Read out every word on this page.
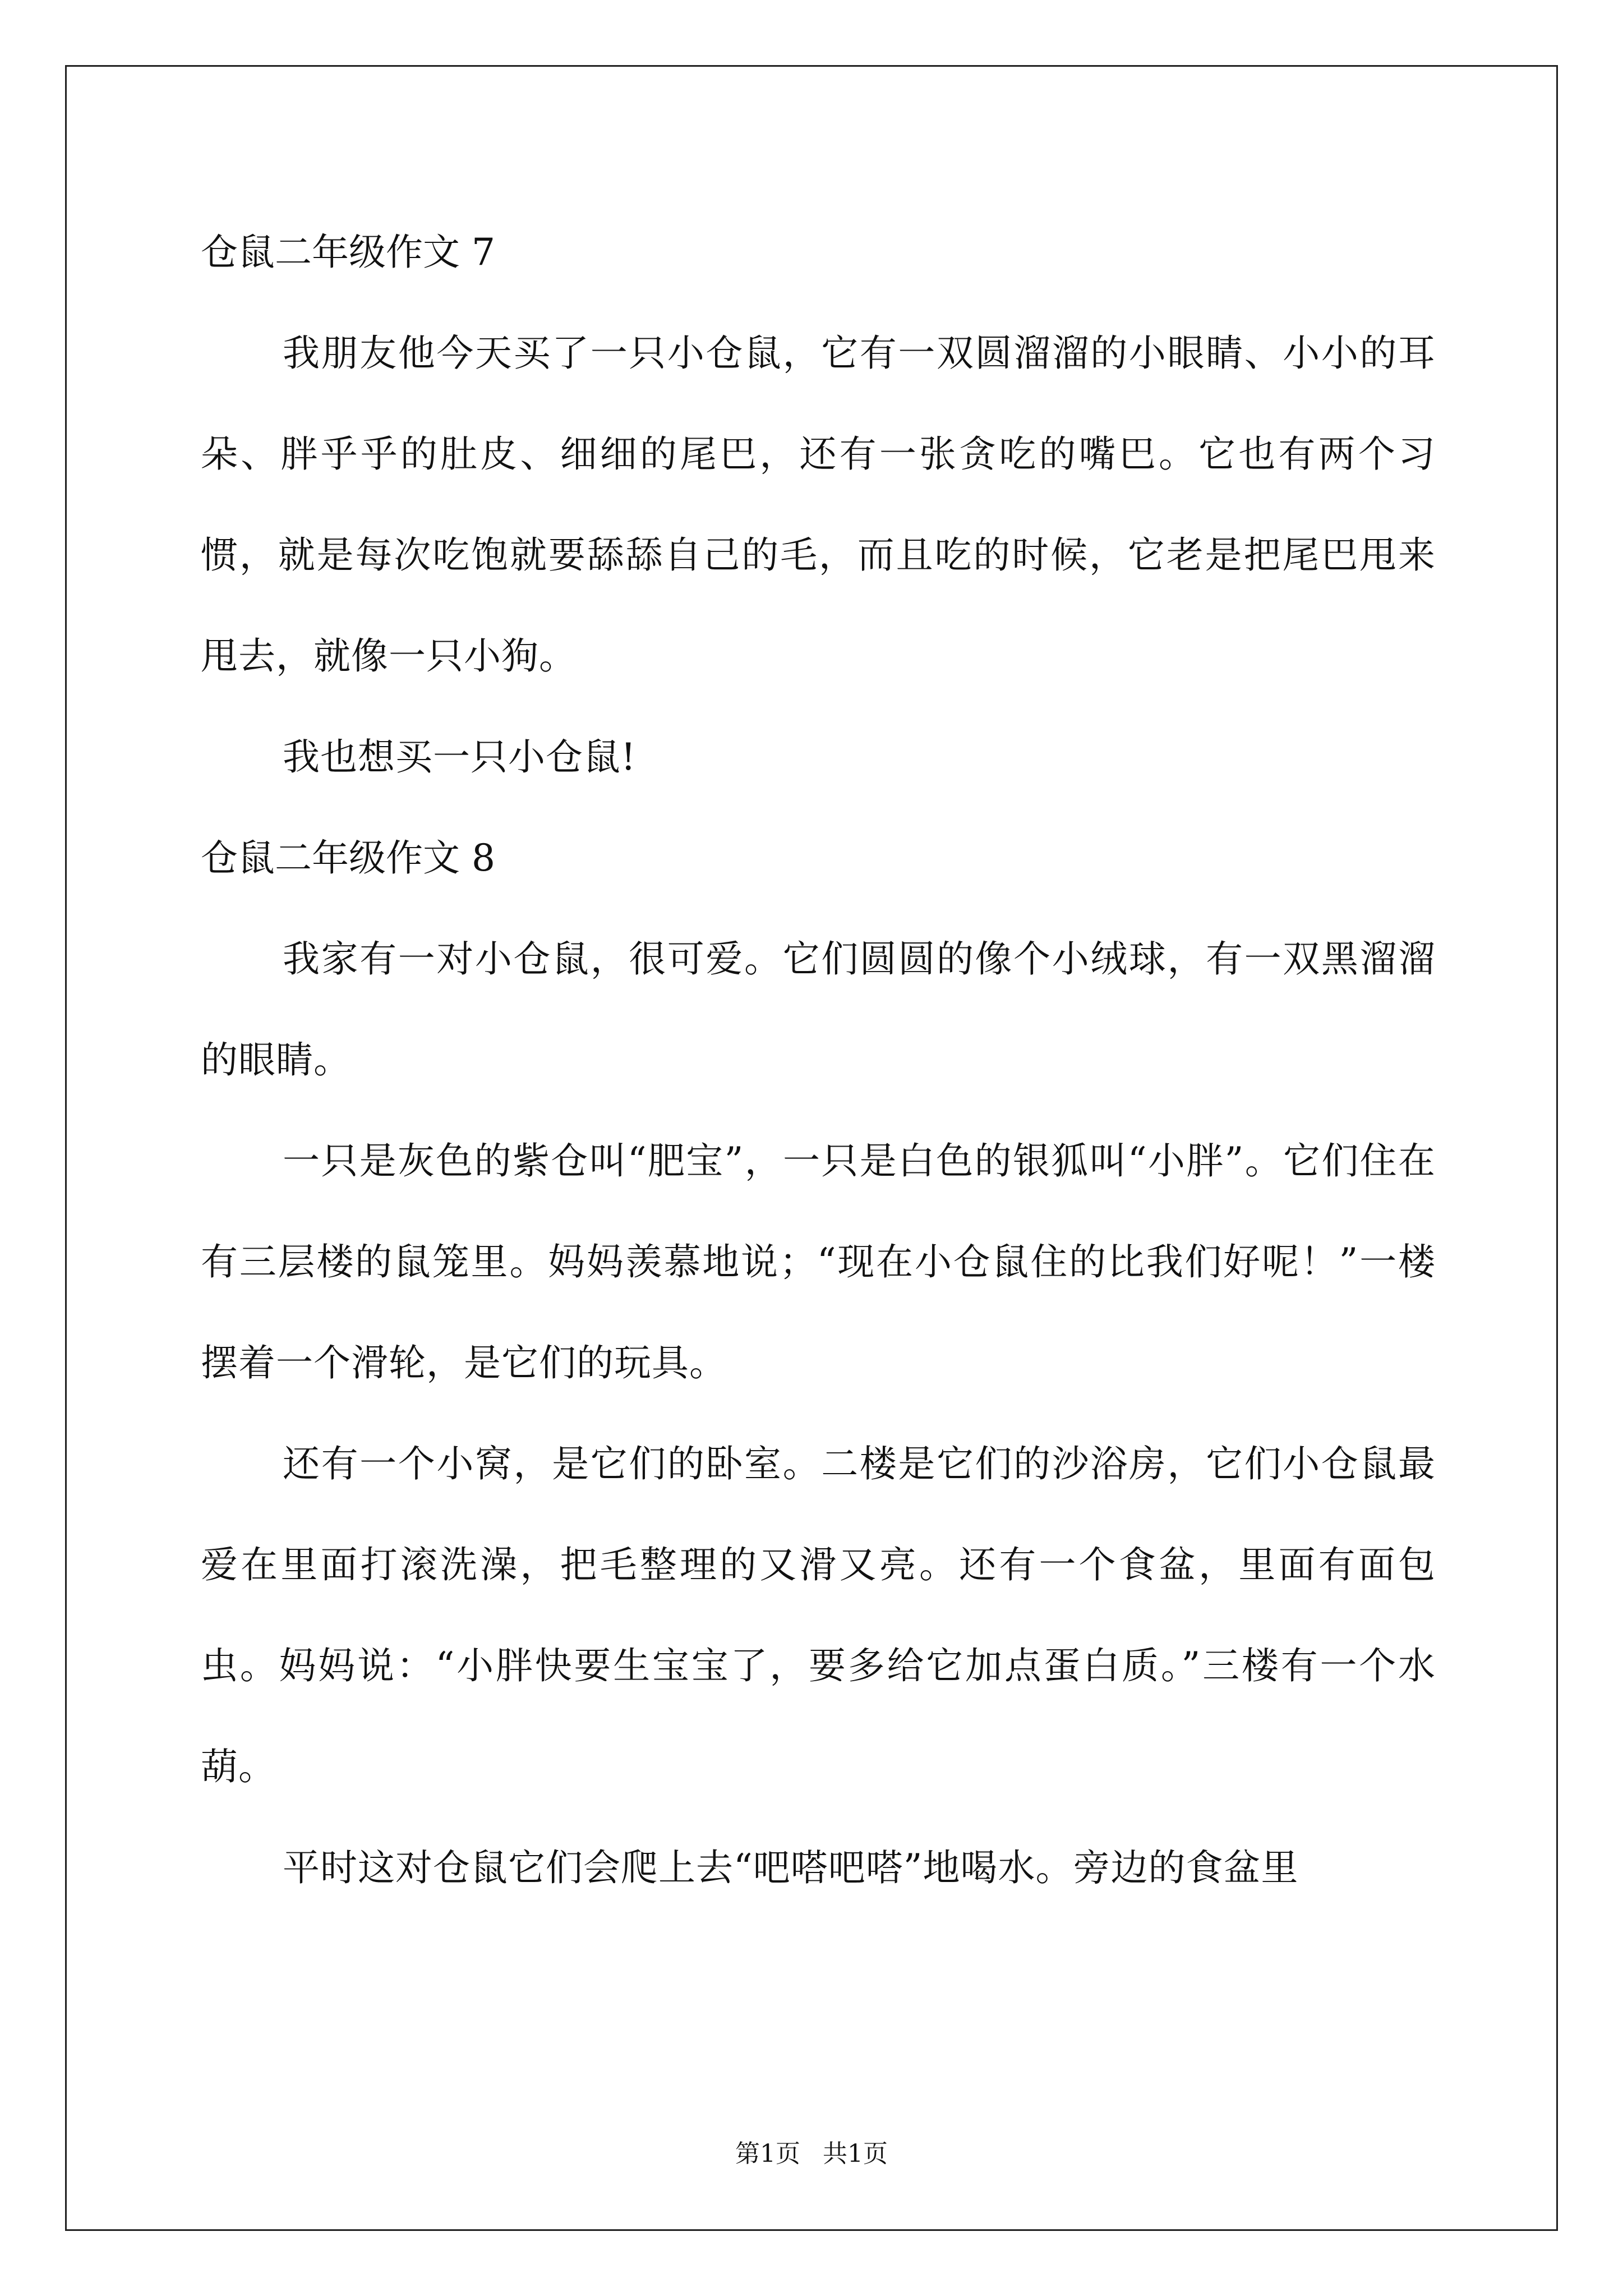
仓鼠二年级作文 7

我朋友他今天买了一只小仓鼠，它有一双圆溜溜的小眼睛、小小的耳朵、胖乎乎的肚皮、细细的尾巴，还有一张贪吃的嘴巴。它也有两个习惯，就是每次吃饱就要舔舔自己的毛，而且吃的时候，它老是把尾巴甩来甩去，就像一只小狗。

我也想买一只小仓鼠!

仓鼠二年级作文 8

我家有一对小仓鼠，很可爱。它们圆圆的像个小绒球，有一双黑溜溜的眼睛。

一只是灰色的紫仓叫“肥宝”，一只是白色的银狐叫“小胖”。它们住在有三层楼的鼠笼里。妈妈羡慕地说；“现在小仓鼠住的比我们好呢！”一楼摆着一个滑轮，是它们的玩具。

还有一个小窝，是它们的卧室。二楼是它们的沙浴房，它们小仓鼠最爱在里面打滚洗澡，把毛整理的又滑又亮。还有一个食盆，里面有面包虫。妈妈说：“小胖快要生宝宝了，要多给它加点蛋白质。”三楼有一个水葫。

平时这对仓鼠它们会爬上去“吧嗒吧嗒”地喝水。旁边的食盆里

第1页 共1页
